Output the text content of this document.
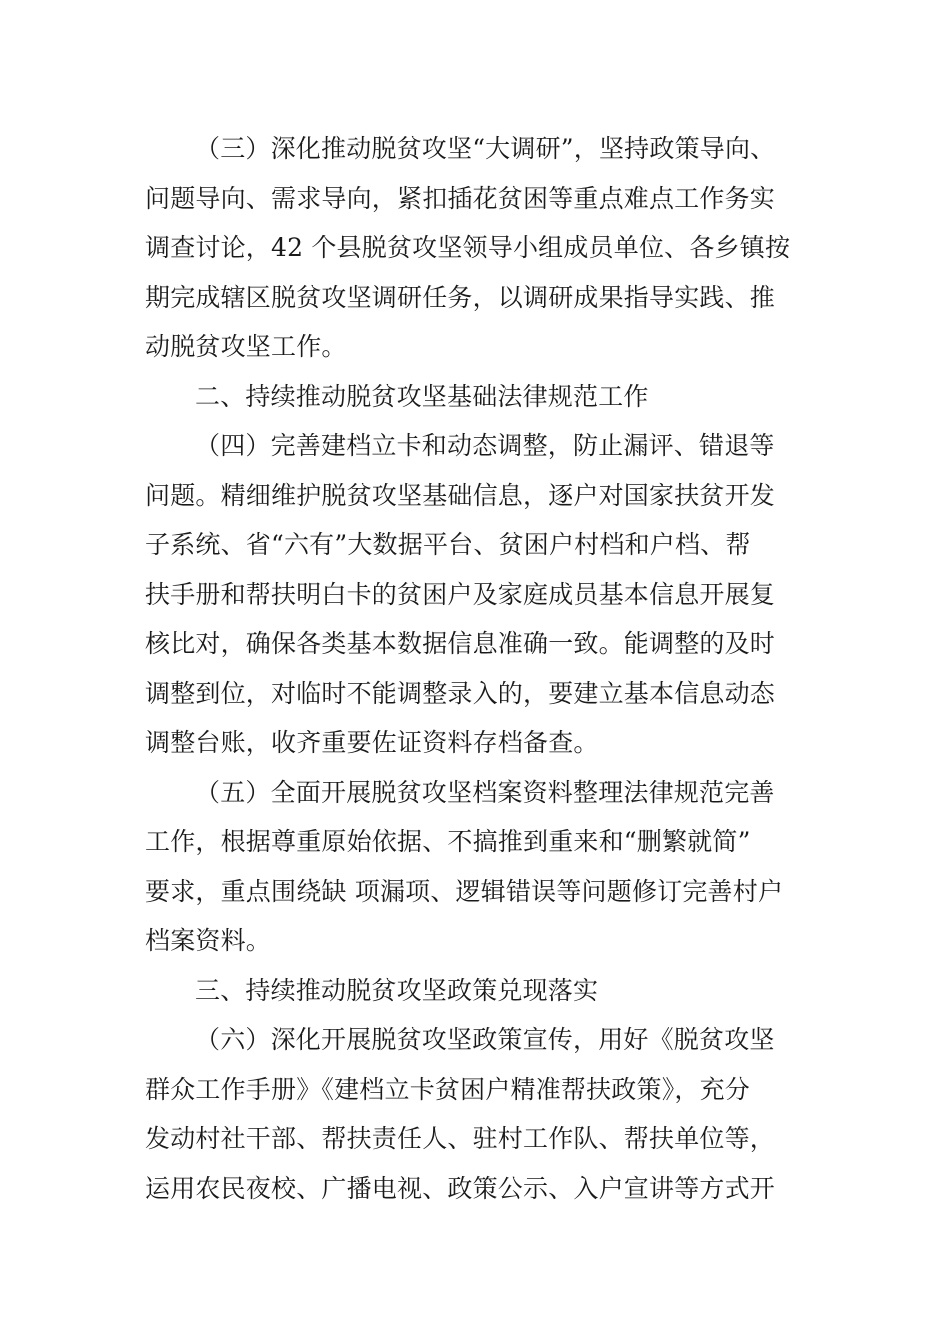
（三）深化推动脱贫攻坚“大调研”，坚持政策导向、
问题导向、需求导向，紧扣插花贫困等重点难点工作务实
调查讨论，42 个县脱贫攻坚领导小组成员单位、各乡镇按
期完成辖区脱贫攻坚调研任务，以调研成果指导实践、推
动脱贫攻坚工作。
二、持续推动脱贫攻坚基础法律规范工作
（四）完善建档立卡和动态调整，防止漏评、错退等
问题。精细维护脱贫攻坚基础信息，逐户对国家扶贫开发
子系统、省“六有”大数据平台、贫困户村档和户档、帮
扶手册和帮扶明白卡的贫困户及家庭成员基本信息开展复
核比对，确保各类基本数据信息准确一致。能调整的及时
调整到位，对临时不能调整录入的，要建立基本信息动态
调整台账，收齐重要佐证资料存档备查。
（五）全面开展脱贫攻坚档案资料整理法律规范完善
工作，根据尊重原始依据、不搞推到重来和“删繁就简”
要求，重点围绕缺 项漏项、逻辑错误等问题修订完善村户
档案资料。
三、持续推动脱贫攻坚政策兑现落实
（六）深化开展脱贫攻坚政策宣传，用好《脱贫攻坚
群众工作手册》《建档立卡贫困户精准帮扶政策》，充分
发动村社干部、帮扶责任人、驻村工作队、帮扶单位等，
运用农民夜校、广播电视、政策公示、入户宣讲等方式开
